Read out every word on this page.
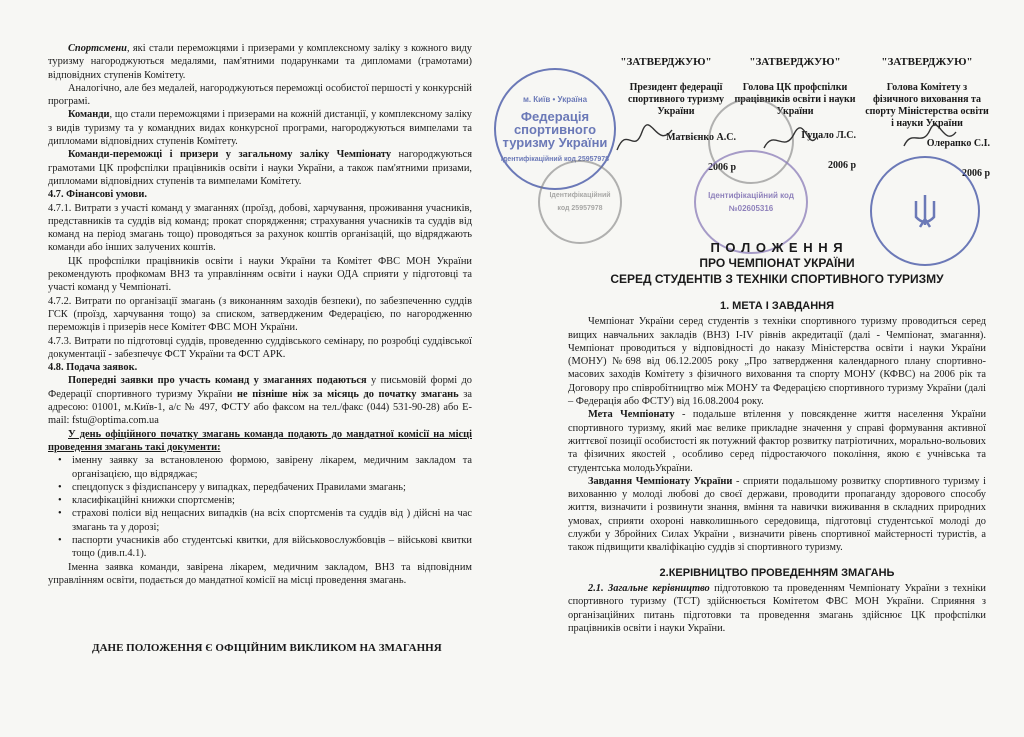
Спортсмени, які стали переможцями і призерами у комплексному заліку з кожного виду туризму нагороджуються медалями, пам'ятними подарунками та дипломами (грамотами) відповідних ступенів Комітету.

Аналогічно, але без медалей, нагороджуються переможці особистої першості у конкурсній програмі.

Команди, що стали переможцями і призерами на кожній дистанції, у комплексному заліку з видів туризму та у командних видах конкурсної програми, нагороджуються вимпелами та дипломами відповідних ступенів Комітету.

Команди-переможці і призери у загальному заліку Чемпіонату нагороджуються грамотами ЦК профспілки працівників освіти і науки України, а також пам'ятними призами, дипломами відповідних ступенів та вимпелами Комітету.

4.7. Фінансові умови.

4.7.1. Витрати з участі команд у змаганнях (проїзд, добові, харчування, проживання учасників, представників та суддів від команд; прокат спорядження; страхування учасників та суддів від команд на період змагань тощо) проводяться за рахунок коштів організацій, що відряджають команди або інших залучених коштів.

ЦК профспілки працівників освіти і науки України та Комітет ФВС МОН України рекомендують профкомам ВНЗ та управлінням освіти і науки ОДА сприяти у підготовці та участі команд у Чемпіонаті.

4.7.2. Витрати по організації змагань (з виконанням заходів безпеки), по забезпеченню суддів ГСК (проїзд, харчування тощо) за списком, затвердженим Федерацією, по нагородженню переможців і призерів несе Комітет ФВС МОН України.

4.7.3. Витрати по підготовці суддів, проведенню суддівського семінару, по розробці суддівської документації - забезпечує ФСТ України та ФСТ АРК.

4.8. Подача заявок.

Попередні заявки про участь команд у змаганнях подаються у письмовій формі до Федерації спортивного туризму України не пізніше ніж за місяць до початку змагань за адресою: 01001, м.Київ-1, а/с № 497, ФСТУ або факсом на тел./факс (044) 531-90-28) або E-mail: fstu@optima.com.ua

У день офіційного початку змагань команда подають до мандатної комісії на місці проведення змагань такі документи:

• іменну заявку за встановленою формою, завірену лікарем, медичним закладом та організацією, що відряджає;
• спецдопуск з фіздиспансеру у випадках, передбачених Правилами змагань;
• класифікаційні книжки спортсменів;
• страхові поліси від нещасних випадків (на всіх спортсменів та суддів від ) дійсні на час змагань та у дорозі;
• паспорти учасників або студентські квитки, для військовослужбовців – військові квитки тощо (див.п.4.1).

Іменна заявка команди, завірена лікарем, медичним закладом, ВНЗ та відповідним управлінням освіти, подається до мандатної комісії на місці проведення змагань.

ДАНЕ ПОЛОЖЕННЯ Є ОФІЦІЙНИМ ВИКЛИКОМ НА ЗМАГАННЯ
"ЗАТВЕРДЖУЮ"
Президент федерації спортивного туризму України
Матвієнко А.С.
2006 р
"ЗАТВЕРДЖУЮ"
Голова ЦК профспілки працівників освіти і науки України
Гуцало Л.С.
2006 р
"ЗАТВЕРДЖУЮ"
Голова Комітету з фізичного виховання та спорту Міністерства освіти і науки України
Олерапко С.І.
2006 р
м. Київ • Україна
Федерація спортивного туризму України
Ідентифікаційний код 25957978
Ідентифікаційний код 25957978
Ідентифікаційний код №02605316
П О Л О Ж Е Н Н Я
ПРО ЧЕМПІОНАТ УКРАЇНИ
СЕРЕД СТУДЕНТІВ З ТЕХНІКИ СПОРТИВНОГО ТУРИЗМУ
1. МЕТА І ЗАВДАННЯ

Чемпіонат України серед студентів з техніки спортивного туризму проводиться серед вищих навчальних закладів (ВНЗ) І-ІV рівнів акредитації (далі - Чемпіонат, змагання). Чемпіонат проводиться у відповідності до наказу Міністерства освіти і науки України (МОНУ) №698 від 06.12.2005 року „Про затвердження календарного плану спортивно-масових заходів Комітету з фізичного виховання та спорту МОНУ (КФВС) на 2006 рік та Договору про співробітництво між МОНУ та Федерацією спортивного туризму України (далі – Федерація або ФСТУ) від 16.08.2004 року.

Мета Чемпіонату - подальше втілення у повсякденне життя населення України спортивного туризму, який має велике прикладне значення у справі формування активної життєвої позиції особистості як потужний фактор розвитку патріотичних, морально-вольових та фізичних якостей , особливо серед підростаючого покоління, якою є учнівська та студентська молодьУкраїни.

Завдання Чемпіонату України - сприяти подальшому розвитку спортивного туризму і вихованню у молоді любові до своєї держави, проводити пропаганду здорового способу життя, визначити і розвинути знання, вміння та навички виживання в складних природних умовах, сприяти охороні навколишнього середовища, підготовці студентської молоді до служби у Збройних Силах України , визначити рівень спортивної майстерності туристів, а також підвищити кваліфікацію суддів зі спортивного туризму.

2.КЕРІВНИЦТВО ПРОВЕДЕННЯМ ЗМАГАНЬ

2.1. Загальне керівництво підготовкою та проведенням Чемпіонату України з техніки спортивного туризму (ТСТ) здійснюється Комітетом ФВС МОН України. Сприяння з організаційних питань підготовки та проведення змагань здійснює ЦК профспілки працівників освіти і науки України.
